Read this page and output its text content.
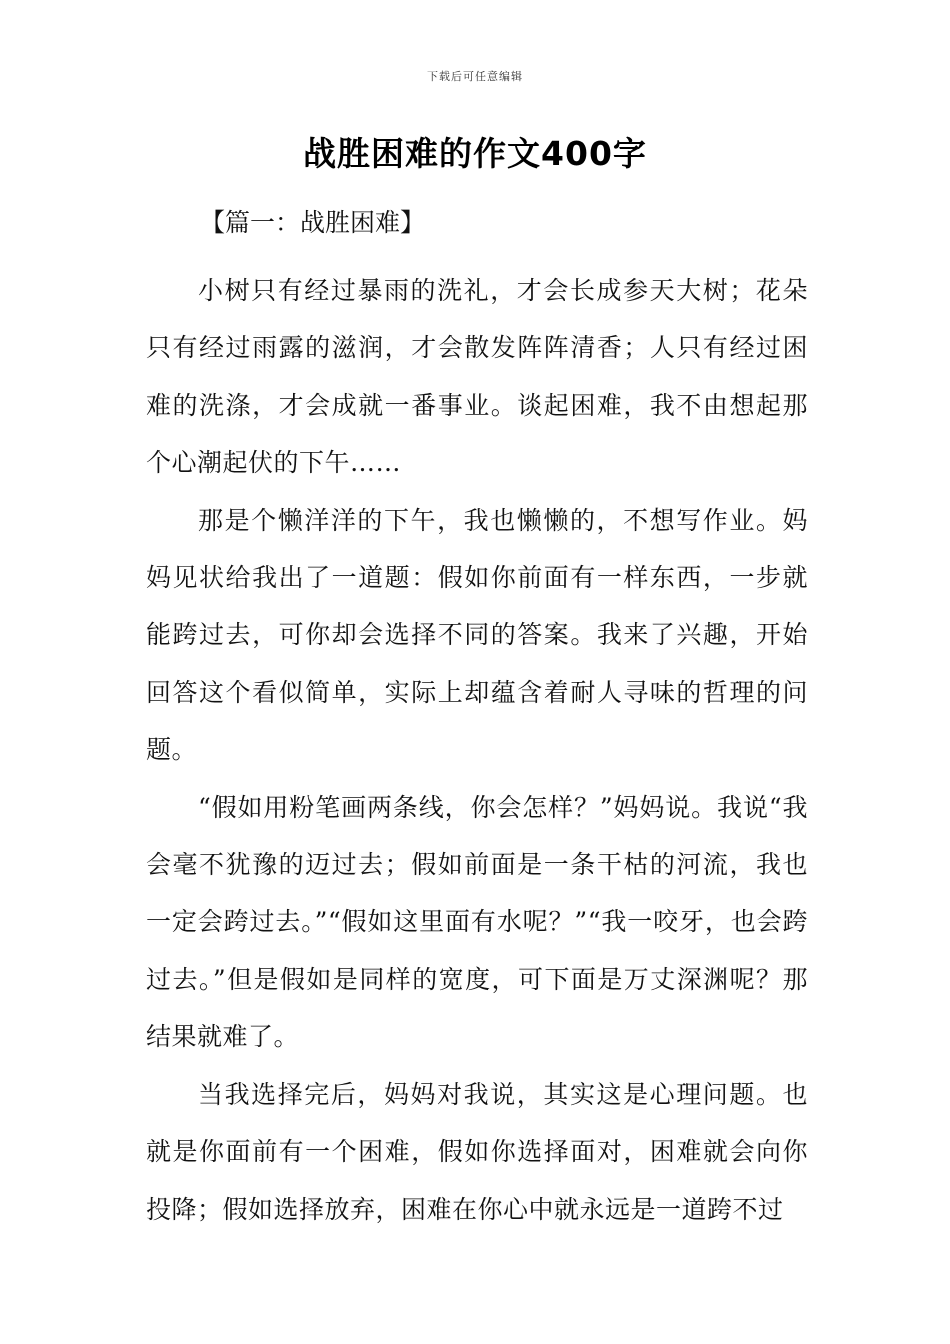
下载后可任意编辑
战胜困难的作文400字
【篇一：战胜困难】

小树只有经过暴雨的洗礼，才会长成参天大树；花朵只有经过雨露的滋润，才会散发阵阵清香；人只有经过困难的洗涤，才会成就一番事业。谈起困难，我不由想起那个心潮起伏的下午……

那是个懒洋洋的下午，我也懒懒的，不想写作业。妈妈见状给我出了一道题：假如你前面有一样东西，一步就能跨过去，可你却会选择不同的答案。我来了兴趣，开始回答这个看似简单，实际上却蕴含着耐人寻味的哲理的问题。

“假如用粉笔画两条线，你会怎样？”妈妈说。我说“我会毫不犹豫的迈过去；假如前面是一条干枯的河流，我也一定会跨过去。”“假如这里面有水呢？”“我一咬牙，也会跨过去。”但是假如是同样的宽度，可下面是万丈深渊呢？那结果就难了。

当我选择完后，妈妈对我说，其实这是心理问题。也就是你面前有一个困难，假如你选择面对，困难就会向你投降；假如选择放弃，困难在你心中就永远是一道跨不过
